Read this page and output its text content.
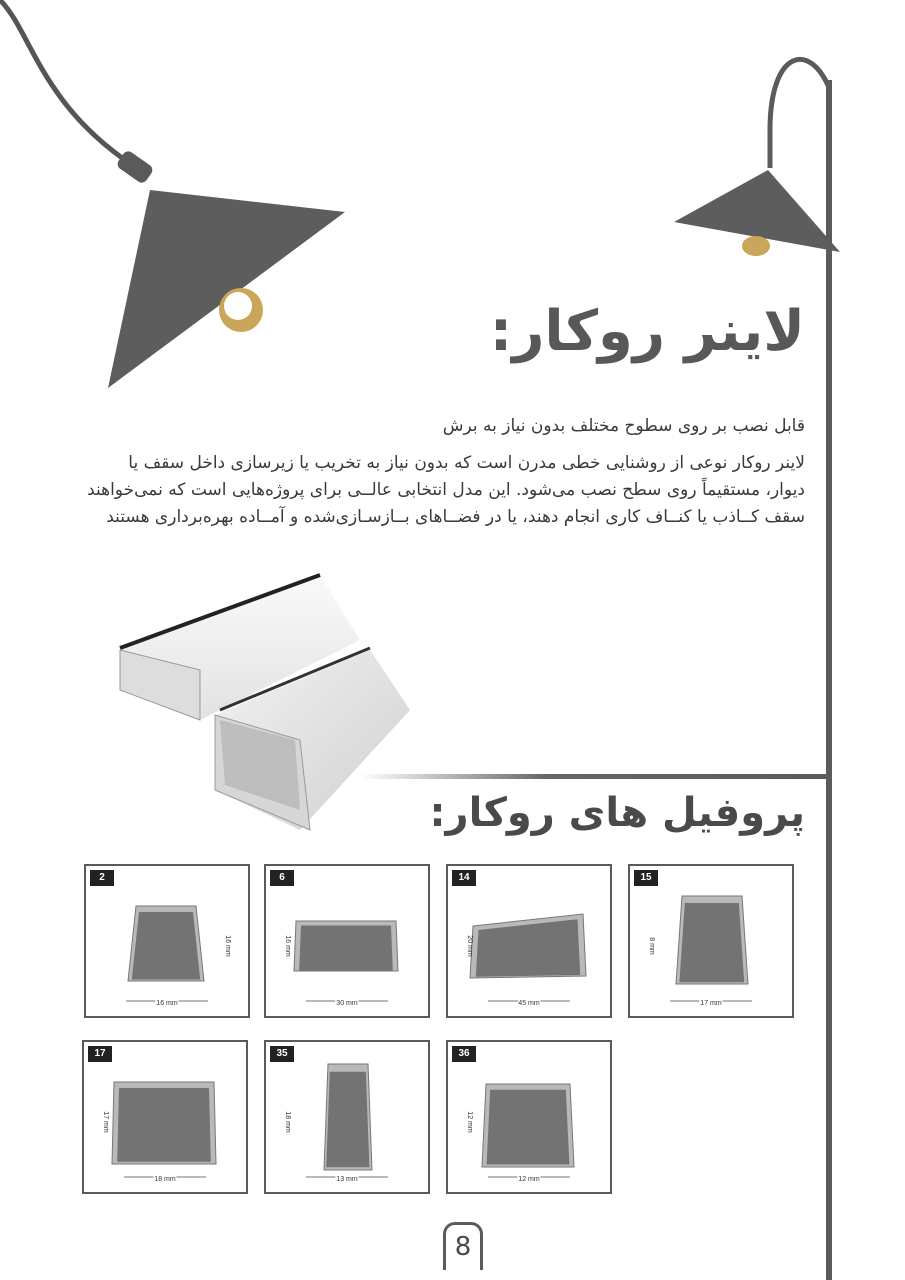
لاینر روکار:
قابل نصب بر روی سطوح مختلف بدون نیاز به برش
لاینر روکار نوعی از روشنایی خطی مدرن است که بدون نیاز به تخریب یا زیرسازی داخل سقف یا دیوار، مستقیماً روی سطح نصب می‌شود. این مدل انتخابی عالــی برای پروژه‌هایی است که نمی‌خواهند سقف کــاذب یا کنــاف کاری انجام دهند، یا در فضــاهای بــازسـازی‌شده و آمــاده بهره‌برداری هستند
پروفیل های روکار:
16 mm
16 mm
2
30 mm
16 mm
6
45 mm
20 mm
14
17 mm
8 mm
15
18 mm
17 mm
17
13 mm
18 mm
35
12 mm
12 mm
36
8
